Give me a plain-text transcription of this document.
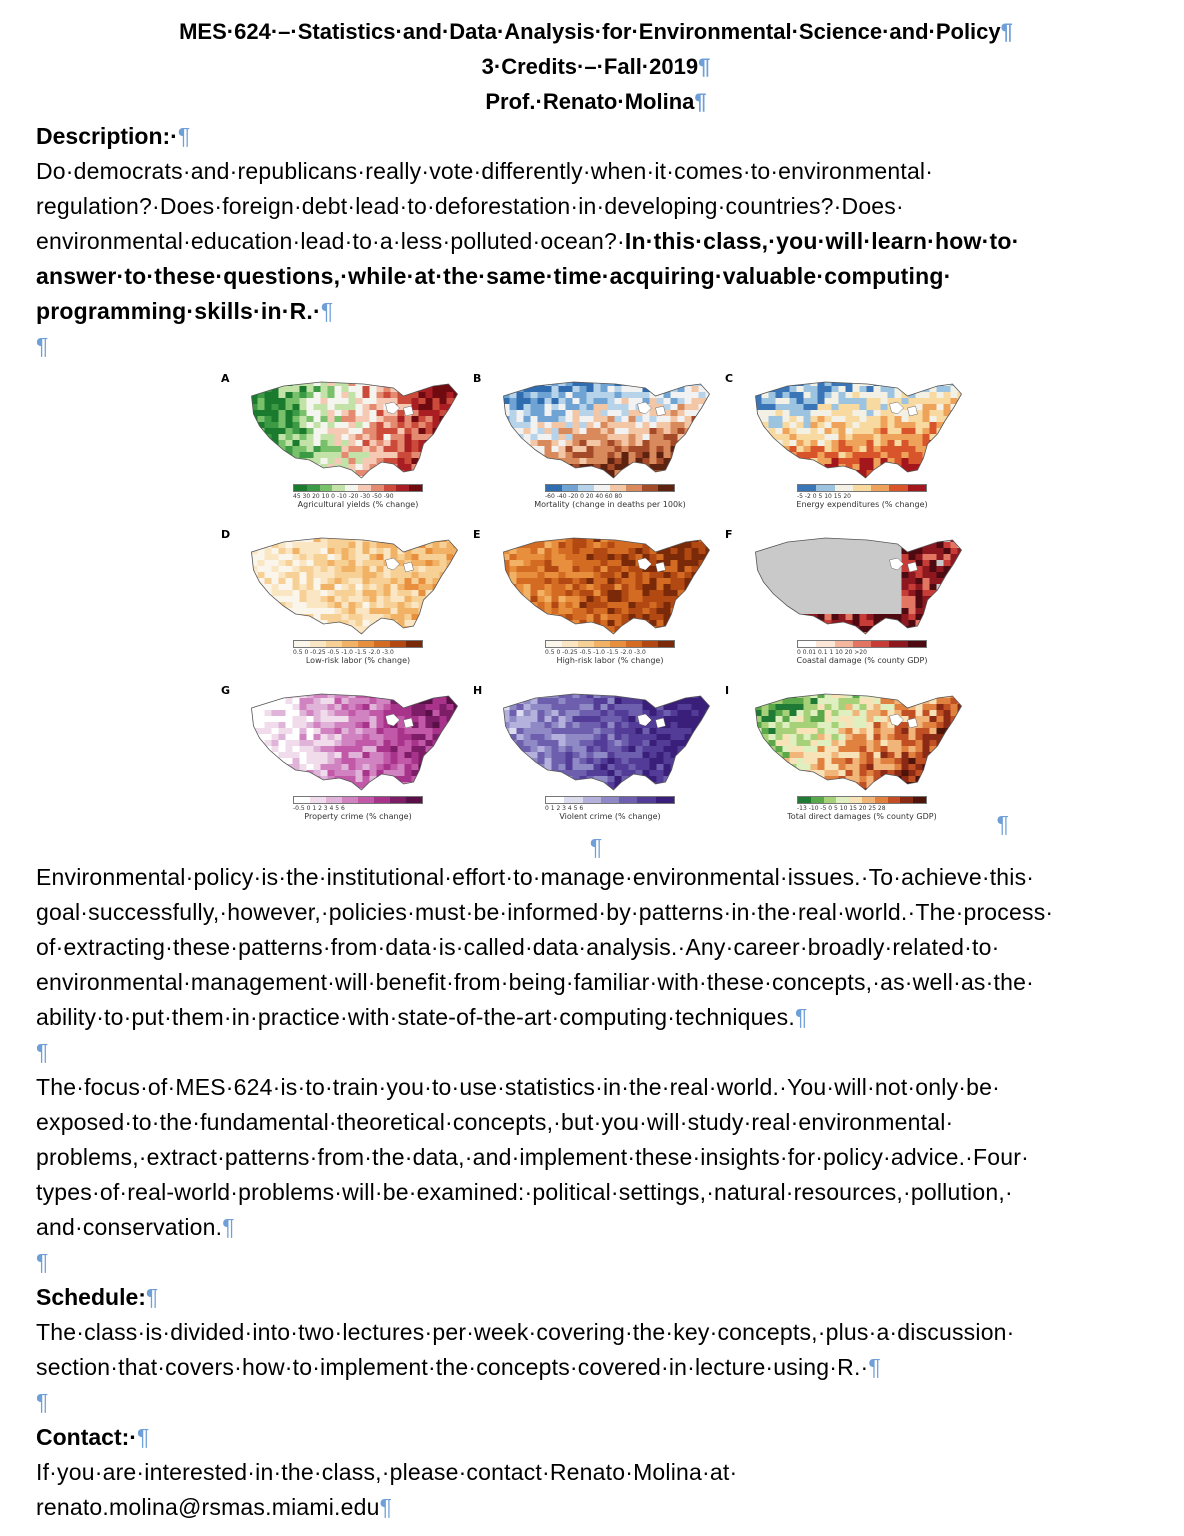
MES·624·–·Statistics·and·Data·Analysis·for·Environmental·Science·and·Policy¶
3·Credits·–·Fall·2019¶
Prof.·Renato·Molina¶
Description:·¶
Do·democrats·and·republicans·really·vote·differently·when·it·comes·to·environmental·
regulation?·Does·foreign·debt·lead·to·deforestation·in·developing·countries?·Does·
environmental·education·lead·to·a·less·polluted·ocean?·In·this·class,·you·will·learn·how·to·
answer·to·these·questions,·while·at·the·same·time·acquiring·valuable·computing·
programming·skills·in·R.·¶
¶
¶
A
45 30 20 10 0 -10 -20 -30 -50 -90
Agricultural yields (% change)
B
-60 -40 -20 0 20 40 60 80
Mortality (change in deaths per 100k)
C
-5 -2 0 5 10 15 20
Energy expenditures (% change)
D
0.5 0 -0.25 -0.5 -1.0 -1.5 -2.0 -3.0
Low-risk labor (% change)
E
0.5 0 -0.25 -0.5 -1.0 -1.5 -2.0 -3.0
High-risk labor (% change)
F
0 0.01 0.1 1 10 20 >20
Coastal damage (% county GDP)
G
-0.5 0 1 2 3 4 5 6
Property crime (% change)
H
0 1 2 3 4 5 6
Violent crime (% change)
I
-13 -10 -5 0 5 10 15 20 25 28
Total direct damages (% county GDP)
¶
Environmental·policy·is·the·institutional·effort·to·manage·environmental·issues.·To·achieve·this·
goal·successfully,·however,·policies·must·be·informed·by·patterns·in·the·real·world.·The·process·
of·extracting·these·patterns·from·data·is·called·data·analysis.·Any·career·broadly·related·to·
environmental·management·will·benefit·from·being·familiar·with·these·concepts,·as·well·as·the·
ability·to·put·them·in·practice·with·state-of-the-art·computing·techniques.¶
¶
The·focus·of·MES·624·is·to·train·you·to·use·statistics·in·the·real·world.·You·will·not·only·be·
exposed·to·the·fundamental·theoretical·concepts,·but·you·will·study·real·environmental·
problems,·extract·patterns·from·the·data,·and·implement·these·insights·for·policy·advice.·Four·
types·of·real-world·problems·will·be·examined:·political·settings,·natural·resources,·pollution,·
and·conservation.¶
¶
Schedule:¶
The·class·is·divided·into·two·lectures·per·week·covering·the·key·concepts,·plus·a·discussion·
section·that·covers·how·to·implement·the·concepts·covered·in·lecture·using·R.·¶
¶
Contact:·¶
If·you·are·interested·in·the·class,·please·contact·Renato·Molina·at·
renato.molina@rsmas.miami.edu¶
